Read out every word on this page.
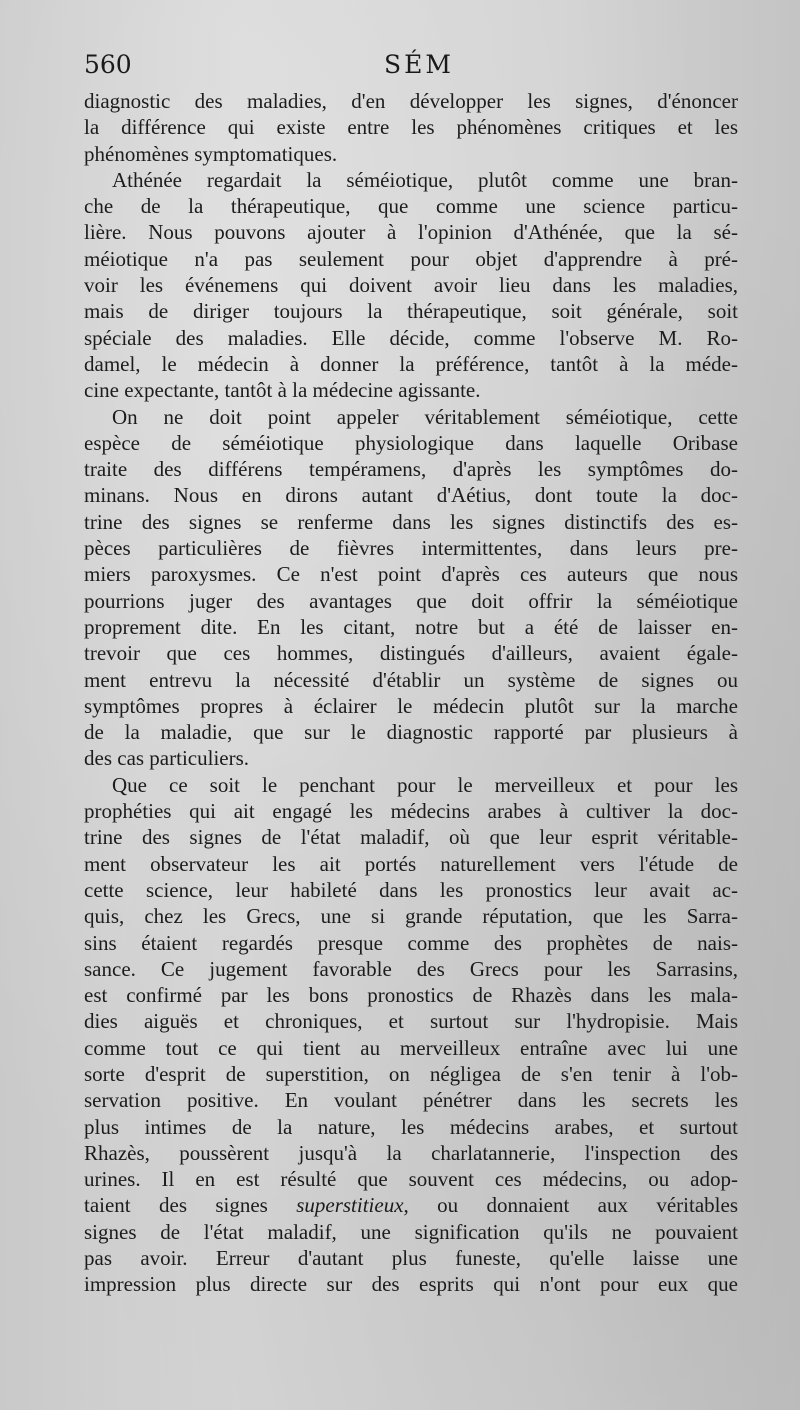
560	SÉM
diagnostic des maladies, d'en développer les signes, d'énoncer
la différence qui existe entre les phénomènes critiques et les
phénomènes symptomatiques.
Athénée regardait la séméiotique, plutôt comme une bran-
che de la thérapeutique, que comme une science particu-
lière. Nous pouvons ajouter à l'opinion d'Athénée, que la sé-
méiotique n'a pas seulement pour objet d'apprendre à pré-
voir les événemens qui doivent avoir lieu dans les maladies,
mais de diriger toujours la thérapeutique, soit générale, soit
spéciale des maladies. Elle décide, comme l'observe M. Ro-
damel, le médecin à donner la préférence, tantôt à la méde-
cine expectante, tantôt à la médecine agissante.
On ne doit point appeler véritablement séméiotique, cette
espèce de séméiotique physiologique dans laquelle Oribase
traite des différens tempéramens, d'après les symptômes do-
minans. Nous en dirons autant d'Aétius, dont toute la doc-
trine des signes se renferme dans les signes distinctifs des es-
pèces particulières de fièvres intermittentes, dans leurs pre-
miers paroxysmes. Ce n'est point d'après ces auteurs que nous
pourrions juger des avantages que doit offrir la séméiotique
proprement dite. En les citant, notre but a été de laisser en-
trevoir que ces hommes, distingués d'ailleurs, avaient égale-
ment entrevu la nécessité d'établir un système de signes ou
symptômes propres à éclairer le médecin plutôt sur la marche
de la maladie, que sur le diagnostic rapporté par plusieurs à
des cas particuliers.
Que ce soit le penchant pour le merveilleux et pour les
prophéties qui ait engagé les médecins arabes à cultiver la doc-
trine des signes de l'état maladif, où que leur esprit véritable-
ment observateur les ait portés naturellement vers l'étude de
cette science, leur habileté dans les pronostics leur avait ac-
quis, chez les Grecs, une si grande réputation, que les Sarra-
sins étaient regardés presque comme des prophètes de nais-
sance. Ce jugement favorable des Grecs pour les Sarrasins,
est confirmé par les bons pronostics de Rhazès dans les mala-
dies aiguës et chroniques, et surtout sur l'hydropisie. Mais
comme tout ce qui tient au merveilleux entraîne avec lui une
sorte d'esprit de superstition, on négligea de s'en tenir à l'ob-
servation positive. En voulant pénétrer dans les secrets les
plus intimes de la nature, les médecins arabes, et surtout
Rhazès, poussèrent jusqu'à la charlatannerie, l'inspection des
urines. Il en est résulté que souvent ces médecins, ou adop-
taient des signes superstitieux, ou donnaient aux véritables
signes de l'état maladif, une signification qu'ils ne pouvaient
pas avoir. Erreur d'autant plus funeste, qu'elle laisse une
impression plus directe sur des esprits qui n'ont pour eux que
